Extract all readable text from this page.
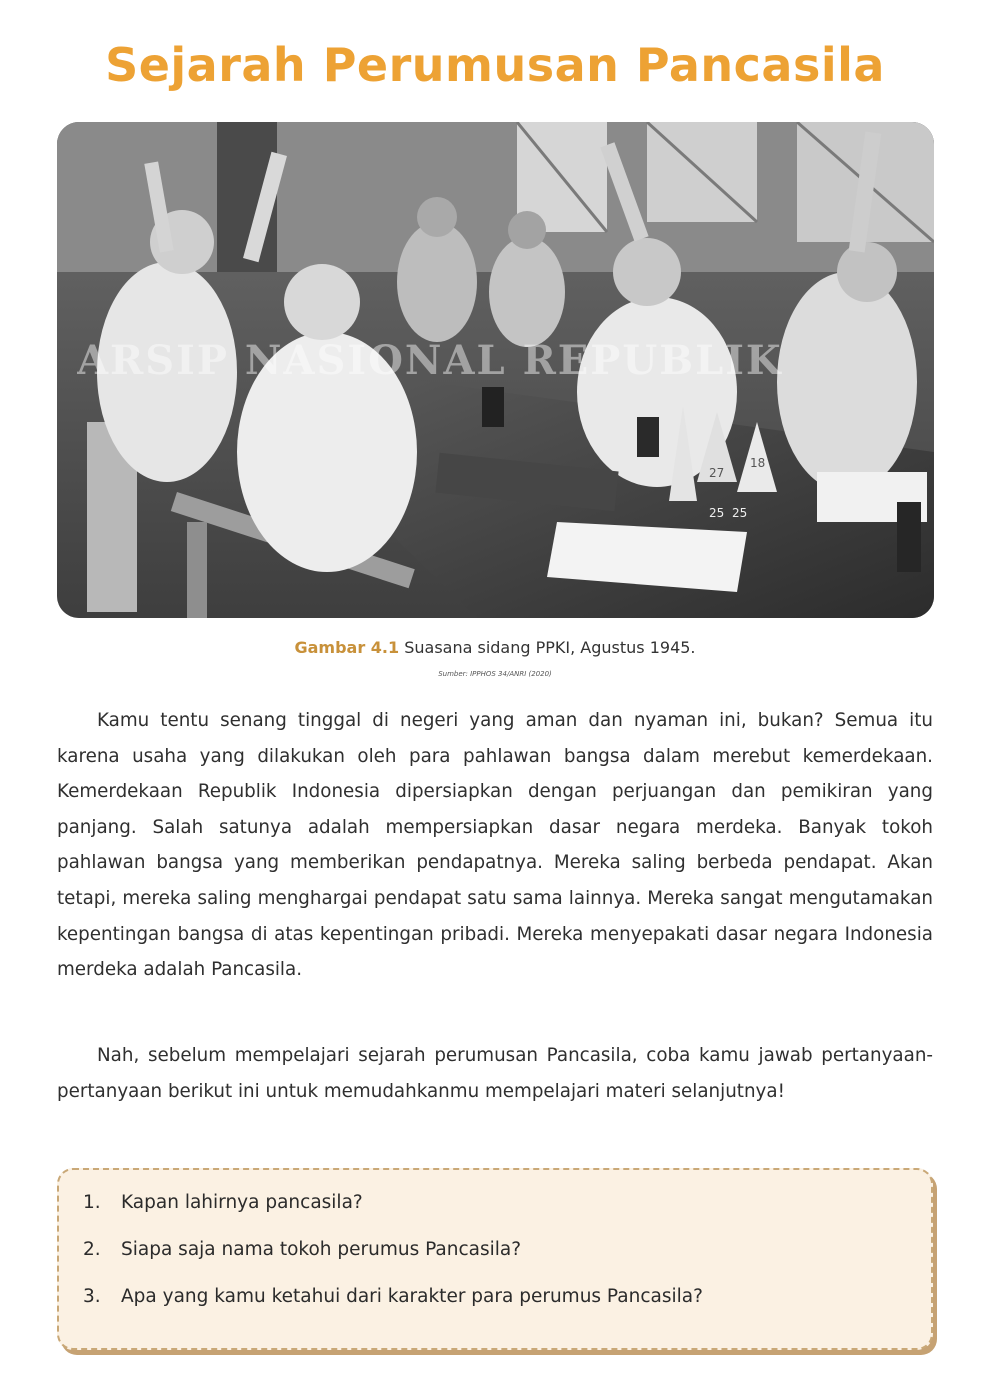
Sejarah Perumusan Pancasila
27
18
25 25
ARSIP NASIONAL REPUBLIK
Gambar 4.1 Suasana sidang PPKI, Agustus 1945.
Sumber: IPPHOS 34/ANRI (2020)

Kamu tentu senang tinggal di negeri yang aman dan nyaman ini, bukan? Semua itu karena usaha yang dilakukan oleh para pahlawan bangsa dalam merebut kemerdekaan. Kemerdekaan Republik Indonesia dipersiapkan dengan perjuangan dan pemikiran yang panjang. Salah satunya adalah mempersiapkan dasar negara merdeka. Banyak tokoh pahlawan bangsa yang memberikan pendapatnya. Mereka saling berbeda pendapat. Akan tetapi, mereka saling menghargai pendapat satu sama lainnya. Mereka sangat mengutamakan kepentingan bangsa di atas kepentingan pribadi. Mereka menyepakati dasar negara Indonesia merdeka adalah Pancasila.

Nah, sebelum mempelajari sejarah perumusan Pancasila, coba kamu jawab pertanyaan-pertanyaan berikut ini untuk memudahkanmu mempelajari materi selanjutnya!

1.	Kapan lahirnya pancasila?
2.	Siapa saja nama tokoh perumus Pancasila?
3.	Apa yang kamu ketahui dari karakter para perumus Pancasila?
